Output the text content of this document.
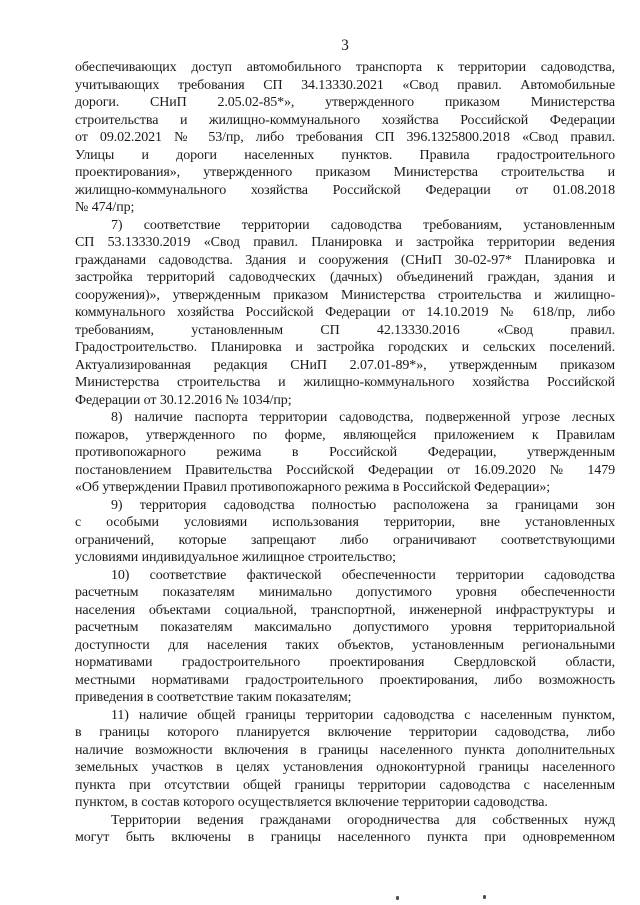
3
обеспечивающих доступ автомобильного транспорта к территории садоводства,
учитывающих требования СП 34.13330.2021 «Свод правил. Автомобильные
дороги. СНиП 2.05.02-85*», утвержденного приказом Министерства
строительства и жилищно-коммунального хозяйства Российской Федерации
от 09.02.2021 № 53/пр, либо требования СП 396.1325800.2018 «Свод правил.
Улицы и дороги населенных пунктов. Правила градостроительного
проектирования», утвержденного приказом Министерства строительства и
жилищно-коммунального хозяйства Российской Федерации от 01.08.2018
№ 474/пр;
7) соответствие территории садоводства требованиям, установленным
СП 53.13330.2019 «Свод правил. Планировка и застройка территории ведения
гражданами садоводства. Здания и сооружения (СНиП 30-02-97* Планировка и
застройка территорий садоводческих (дачных) объединений граждан, здания и
сооружения)», утвержденным приказом Министерства строительства и жилищно-
коммунального хозяйства Российской Федерации от 14.10.2019 № 618/пр, либо
требованиям, установленным СП 42.13330.2016 «Свод правил.
Градостроительство. Планировка и застройка городских и сельских поселений.
Актуализированная редакция СНиП 2.07.01-89*», утвержденным приказом
Министерства строительства и жилищно-коммунального хозяйства Российской
Федерации от 30.12.2016 № 1034/пр;
8) наличие паспорта территории садоводства, подверженной угрозе лесных
пожаров, утвержденного по форме, являющейся приложением к Правилам
противопожарного режима в Российской Федерации, утвержденным
постановлением Правительства Российской Федерации от 16.09.2020 № 1479
«Об утверждении Правил противопожарного режима в Российской Федерации»;
9) территория садоводства полностью расположена за границами зон
с особыми условиями использования территории, вне установленных
ограничений, которые запрещают либо ограничивают соответствующими
условиями индивидуальное жилищное строительство;
10) соответствие фактической обеспеченности территории садоводства
расчетным показателям минимально допустимого уровня обеспеченности
населения объектами социальной, транспортной, инженерной инфраструктуры и
расчетным показателям максимально допустимого уровня территориальной
доступности для населения таких объектов, установленным региональными
нормативами градостроительного проектирования Свердловской области,
местными нормативами градостроительного проектирования, либо возможность
приведения в соответствие таким показателям;
11) наличие общей границы территории садоводства с населенным пунктом,
в границы которого планируется включение территории садоводства, либо
наличие возможности включения в границы населенного пункта дополнительных
земельных участков в целях установления одноконтурной границы населенного
пункта при отсутствии общей границы территории садоводства с населенным
пунктом, в состав которого осуществляется включение территории садоводства.
Территории ведения гражданами огородничества для собственных нужд
могут быть включены в границы населенного пункта при одновременном
